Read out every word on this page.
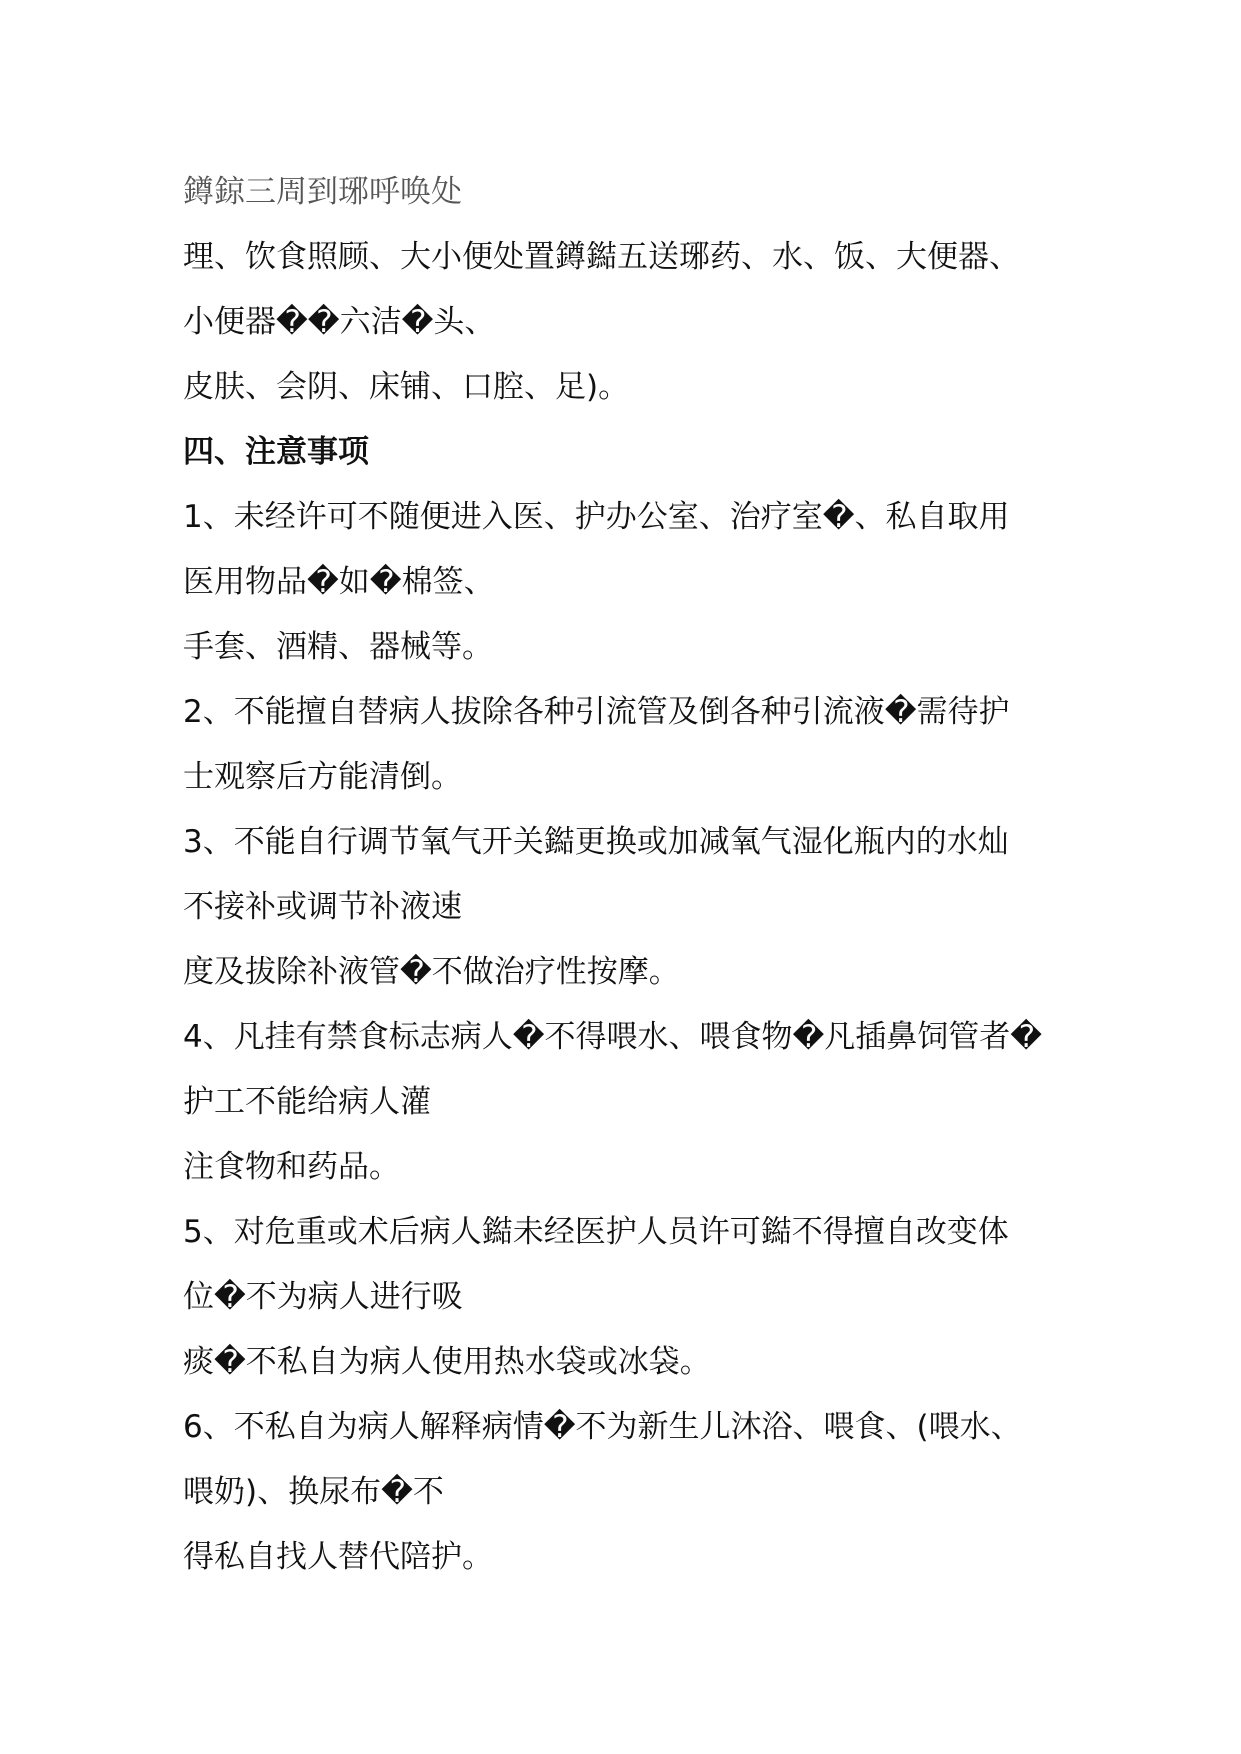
鐏鍄三周到琊呼唤处
理、饮食照顾、大小便处置鐏鐑五送琊药、水、饭、大便器、
小便器��六洁�头、
皮肤、会阴、床铺、口腔、足)。
四、注意事项
1、未经许可不随便进入医、护办公室、治疗室�、私自取用
医用物品�如�棉签、
手套、酒精、器械等。
2、不能擅自替病人拔除各种引流管及倒各种引流液�需待护
士观察后方能清倒。
3、不能自行调节氧气开关鐑更换或加减氧气湿化瓶内的水灿
不接补或调节补液速
度及拔除补液管�不做治疗性按摩。
4、凡挂有禁食标志病人�不得喂水、喂食物�凡插鼻饲管者�
护工不能给病人灌
注食物和药品。
5、对危重或术后病人鐑未经医护人员许可鐑不得擅自改变体
位�不为病人进行吸
痰�不私自为病人使用热水袋或冰袋。
6、不私自为病人解释病情�不为新生儿沐浴、喂食、(喂水、
喂奶)、换尿布�不
得私自找人替代陪护。
